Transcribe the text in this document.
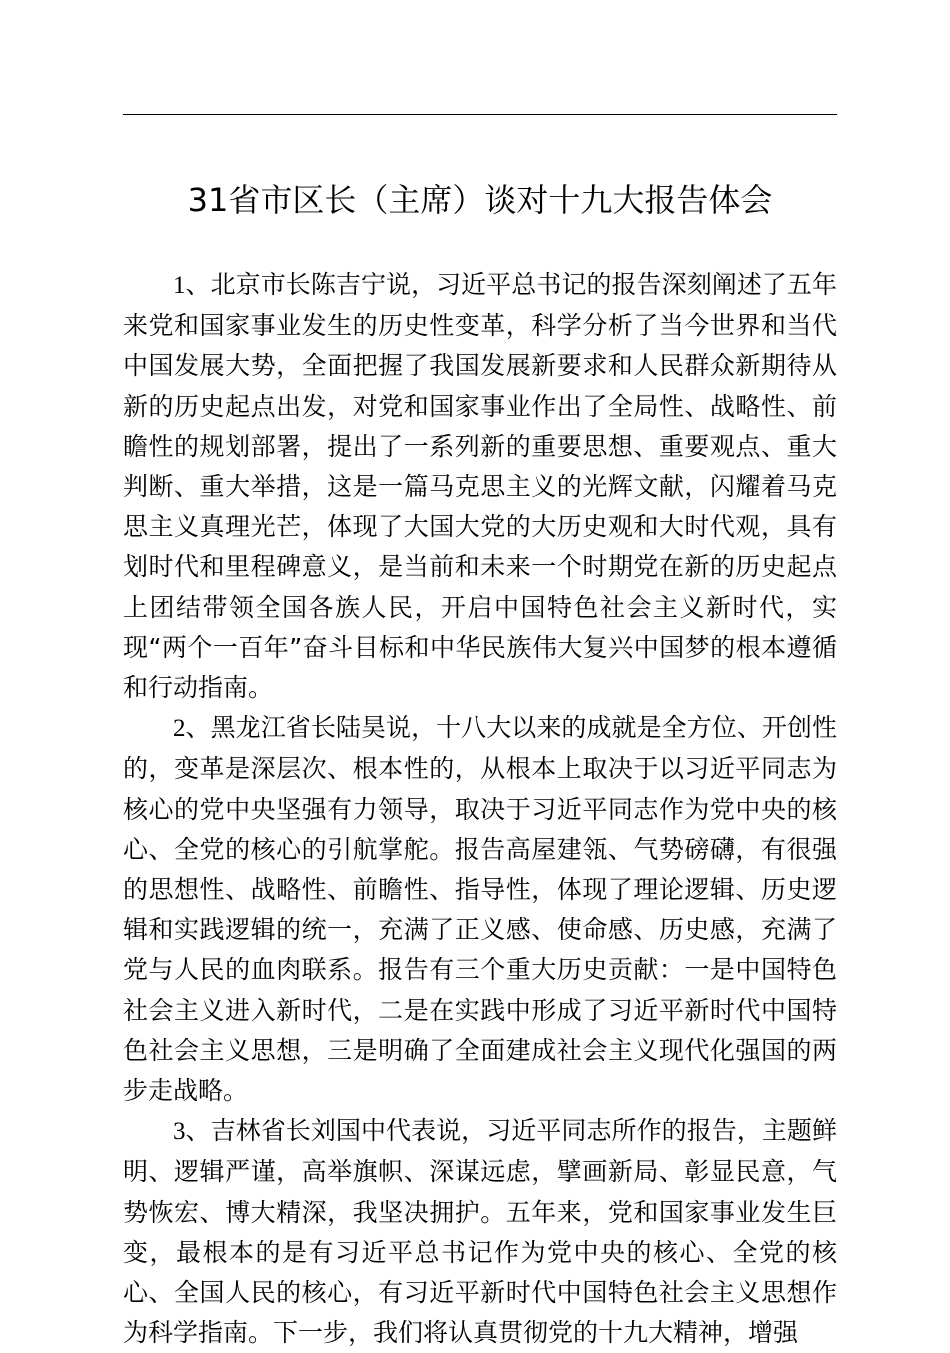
31省市区长（主席）谈对十九大报告体会

1、北京市长陈吉宁说，习近平总书记的报告深刻阐述了五年来党和国家事业发生的历史性变革，科学分析了当今世界和当代中国发展大势，全面把握了我国发展新要求和人民群众新期待从新的历史起点出发，对党和国家事业作出了全局性、战略性、前瞻性的规划部署，提出了一系列新的重要思想、重要观点、重大判断、重大举措，这是一篇马克思主义的光辉文献，闪耀着马克思主义真理光芒，体现了大国大党的大历史观和大时代观，具有划时代和里程碑意义，是当前和未来一个时期党在新的历史起点上团结带领全国各族人民，开启中国特色社会主义新时代，实现“两个一百年”奋斗目标和中华民族伟大复兴中国梦的根本遵循和行动指南。

2、黑龙江省长陆昊说，十八大以来的成就是全方位、开创性的，变革是深层次、根本性的，从根本上取决于以习近平同志为核心的党中央坚强有力领导，取决于习近平同志作为党中央的核心、全党的核心的引航掌舵。报告高屋建瓴、气势磅礴，有很强的思想性、战略性、前瞻性、指导性，体现了理论逻辑、历史逻辑和实践逻辑的统一，充满了正义感、使命感、历史感，充满了党与人民的血肉联系。报告有三个重大历史贡献：一是中国特色社会主义进入新时代，二是在实践中形成了习近平新时代中国特色社会主义思想，三是明确了全面建成社会主义现代化强国的两步走战略。

3、吉林省长刘国中代表说，习近平同志所作的报告，主题鲜明、逻辑严谨，高举旗帜、深谋远虑，擘画新局、彰显民意，气势恢宏、博大精深，我坚决拥护。五年来，党和国家事业发生巨变，最根本的是有习近平总书记作为党中央的核心、全党的核心、全国人民的核心，有习近平新时代中国特色社会主义思想作为科学指南。下一步，我们将认真贯彻党的十九大精神，增强
